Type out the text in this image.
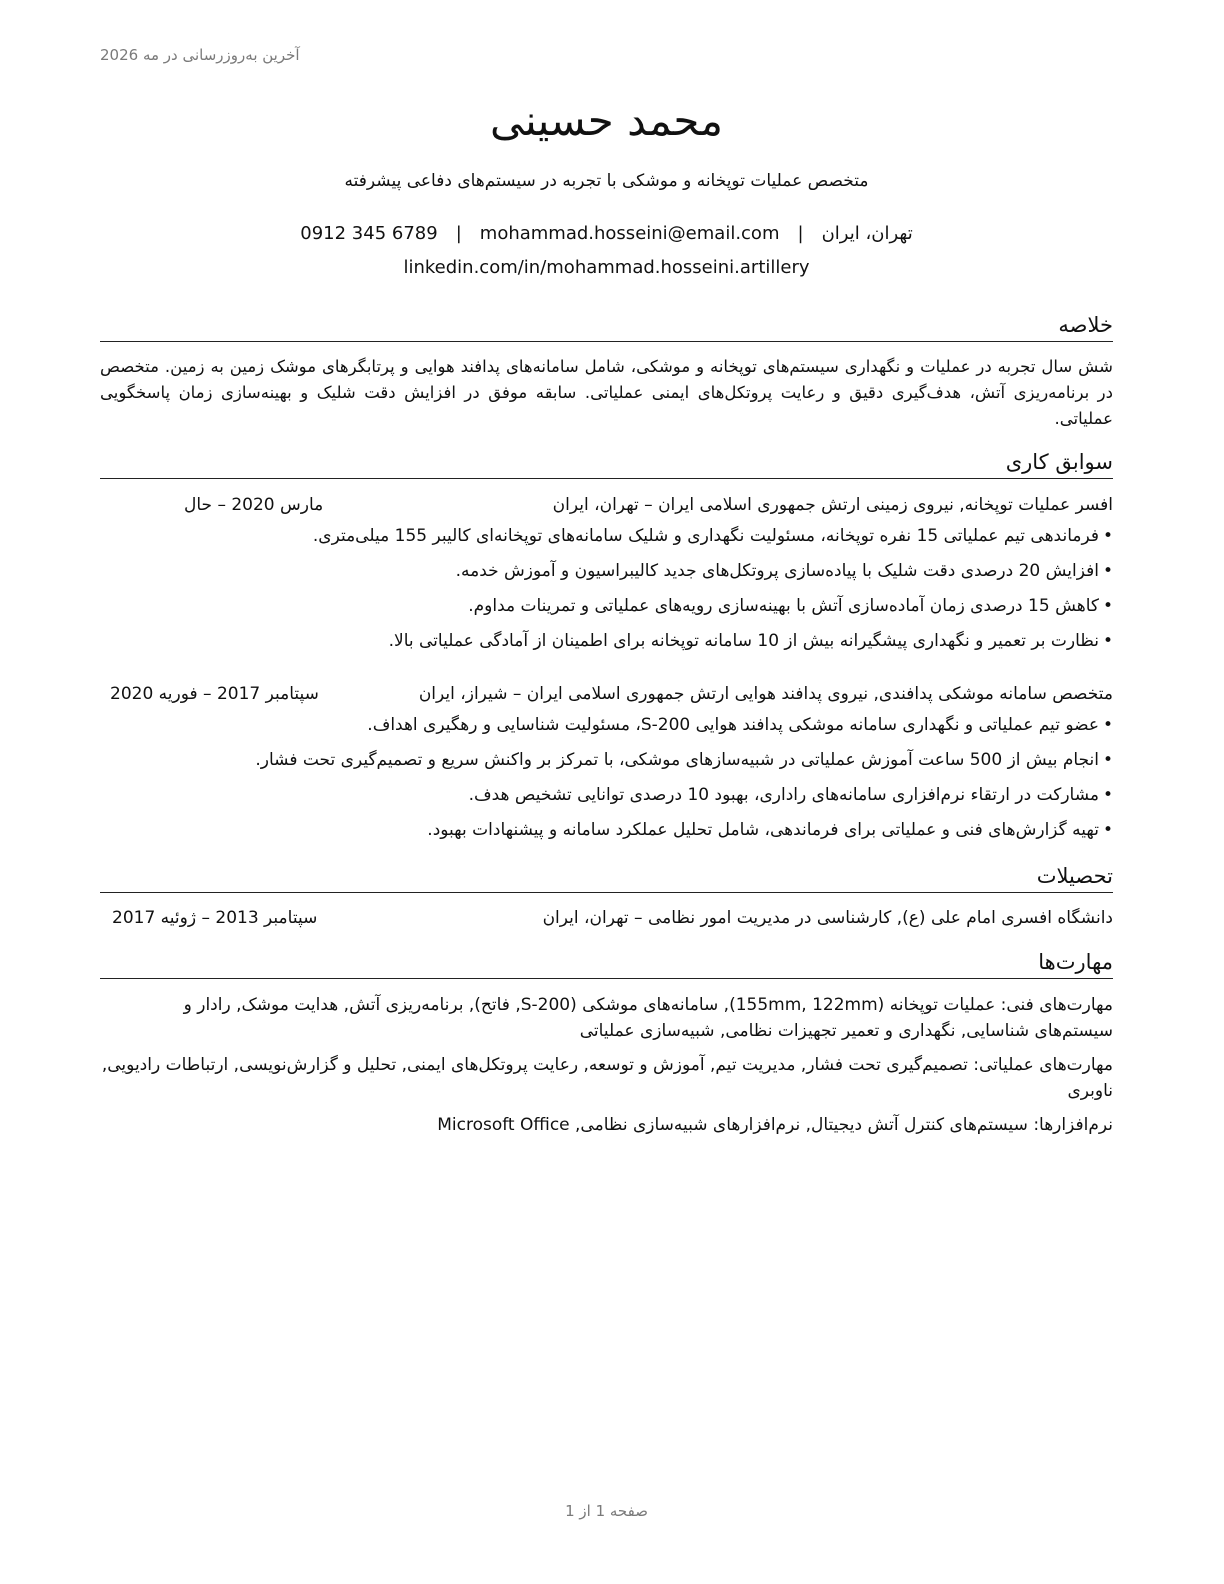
آخرین به‌روزرسانی در مه 2026
محمد حسینی
متخصص عملیات توپخانه و موشکی با تجربه در سیستم‌های دفاعی پیشرفته
تهران، ایران|mohammad.hosseini@email.com|0912 345 6789
linkedin.com/in/mohammad.hosseini.artillery
خلاصه
شش سال تجربه در عملیات و نگهداری سیستم‌های توپخانه و موشکی، شامل سامانه‌های پدافند هوایی و پرتابگرهای موشک زمین به زمین. متخصص در برنامه‌ریزی آتش، هدف‌گیری دقیق و رعایت پروتکل‌های ایمنی عملیاتی. سابقه موفق در افزایش دقت شلیک و بهینه‌سازی زمان پاسخگویی عملیاتی.
سوابق کاری
افسر عملیات توپخانه, نیروی زمینی ارتش جمهوری اسلامی ایران – تهران، ایران
مارس 2020 – حال
•فرماندهی تیم عملیاتی 15 نفره توپخانه، مسئولیت نگهداری و شلیک سامانه‌های توپخانه‌ای کالیبر 155 میلی‌متری.
•افزایش 20 درصدی دقت شلیک با پیاده‌سازی پروتکل‌های جدید کالیبراسیون و آموزش خدمه.
•کاهش 15 درصدی زمان آماده‌سازی آتش با بهینه‌سازی رویه‌های عملیاتی و تمرینات مداوم.
•نظارت بر تعمیر و نگهداری پیشگیرانه بیش از 10 سامانه توپخانه برای اطمینان از آمادگی عملیاتی بالا.
متخصص سامانه موشکی پدافندی, نیروی پدافند هوایی ارتش جمهوری اسلامی ایران – شیراز، ایران
سپتامبر 2017 – فوریه 2020
•عضو تیم عملیاتی و نگهداری سامانه موشکی پدافند هوایی S-200، مسئولیت شناسایی و رهگیری اهداف.
•انجام بیش از 500 ساعت آموزش عملیاتی در شبیه‌سازهای موشکی، با تمرکز بر واکنش سریع و تصمیم‌گیری تحت فشار.
•مشارکت در ارتقاء نرم‌افزاری سامانه‌های راداری، بهبود 10 درصدی توانایی تشخیص هدف.
•تهیه گزارش‌های فنی و عملیاتی برای فرماندهی، شامل تحلیل عملکرد سامانه و پیشنهادات بهبود.
تحصیلات
دانشگاه افسری امام علی (ع), کارشناسی در مدیریت امور نظامی – تهران، ایران
سپتامبر 2013 – ژوئیه 2017
مهارت‌ها
مهارت‌های فنی: عملیات توپخانه (155mm, 122mm), سامانه‌های موشکی (S-200, فاتح), برنامه‌ریزی آتش, هدایت موشک, رادار و سیستم‌های شناسایی, نگهداری و تعمیر تجهیزات نظامی, شبیه‌سازی عملیاتی
مهارت‌های عملیاتی: تصمیم‌گیری تحت فشار, مدیریت تیم, آموزش و توسعه, رعایت پروتکل‌های ایمنی, تحلیل و گزارش‌نویسی, ارتباطات رادیویی, ناوبری
نرم‌افزارها: سیستم‌های کنترل آتش دیجیتال, نرم‌افزارهای شبیه‌سازی نظامی, Microsoft Office
صفحه 1 از 1
